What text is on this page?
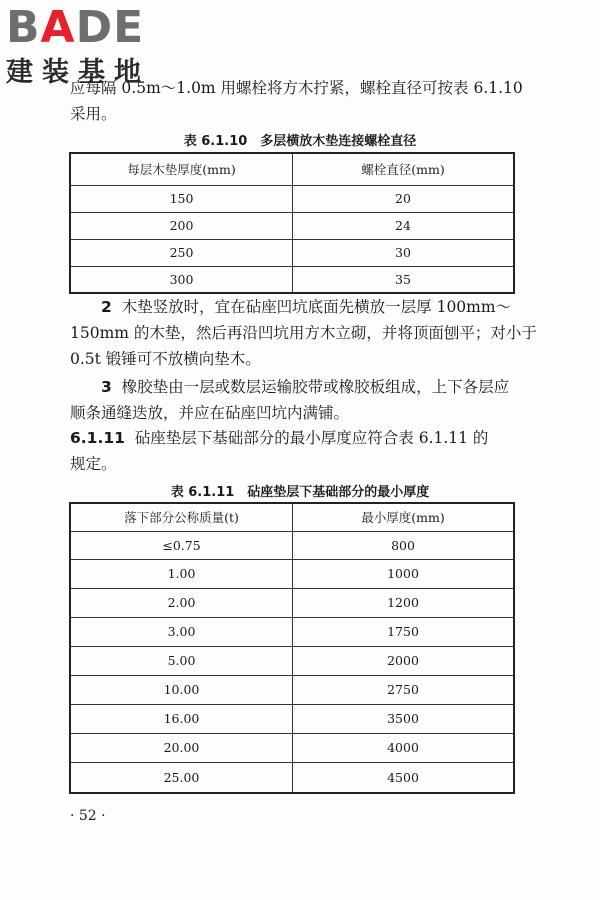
BADE
建装基地

应每隔 0.5m～1.0m 用螺栓将方木拧紧，螺栓直径可按表 6.1.10
采用。

表 6.1.10　多层横放木垫连接螺栓直径
每层木垫厚度(mm)	螺栓直径(mm)
150	20
200	24
250	30
300	35

2 木垫竖放时，宜在砧座凹坑底面先横放一层厚 100mm～
150mm 的木垫，然后再沿凹坑用方木立砌，并将顶面刨平；对小于
0.5t 锻锤可不放横向垫木。

3 橡胶垫由一层或数层运输胶带或橡胶板组成，上下各层应
顺条通缝迭放，并应在砧座凹坑内满铺。

6.1.11 砧座垫层下基础部分的最小厚度应符合表 6.1.11 的
规定。

表 6.1.11　砧座垫层下基础部分的最小厚度
落下部分公称质量(t)	最小厚度(mm)
≤0.75	800
1.00	1000
2.00	1200
3.00	1750
5.00	2000
10.00	2750
16.00	3500
20.00	4000
25.00	4500
· 52 ·
